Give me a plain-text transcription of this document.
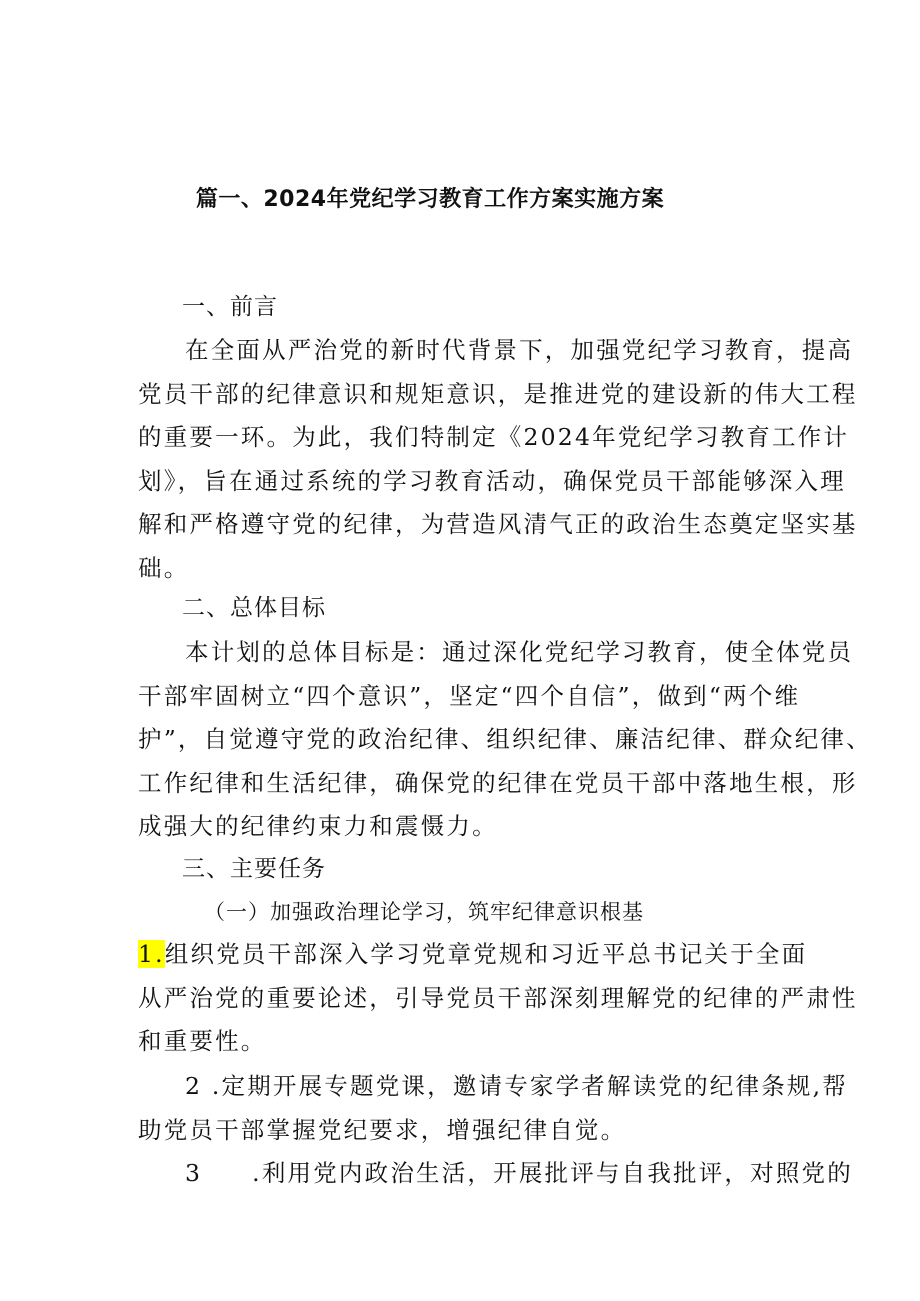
篇一、2024年党纪学习教育工作方案实施方案
一、前言
在全面从严治党的新时代背景下，加强党纪学习教育，提高
党员干部的纪律意识和规矩意识，是推进党的建设新的伟大工程
的重要一环。为此，我们特制定《2024年党纪学习教育工作计
划》，旨在通过系统的学习教育活动，确保党员干部能够深入理
解和严格遵守党的纪律，为营造风清气正的政治生态奠定坚实基
础。
二、总体目标
本计划的总体目标是：通过深化党纪学习教育，使全体党员
干部牢固树立“四个意识”，坚定“四个自信”，做到“两个维
护”，自觉遵守党的政治纪律、组织纪律、廉洁纪律、群众纪律、
工作纪律和生活纪律，确保党的纪律在党员干部中落地生根，形
成强大的纪律约束力和震慑力。
三、主要任务
（一）加强政治理论学习，筑牢纪律意识根基
1.组织党员干部深入学习党章党规和习近平总书记关于全面
从严治党的重要论述，引导党员干部深刻理解党的纪律的严肃性
和重要性。
2 .定期开展专题党课，邀请专家学者解读党的纪律条规,帮
助党员干部掌握党纪要求，增强纪律自觉。
3 .利用党内政治生活，开展批评与自我批评，对照党的
